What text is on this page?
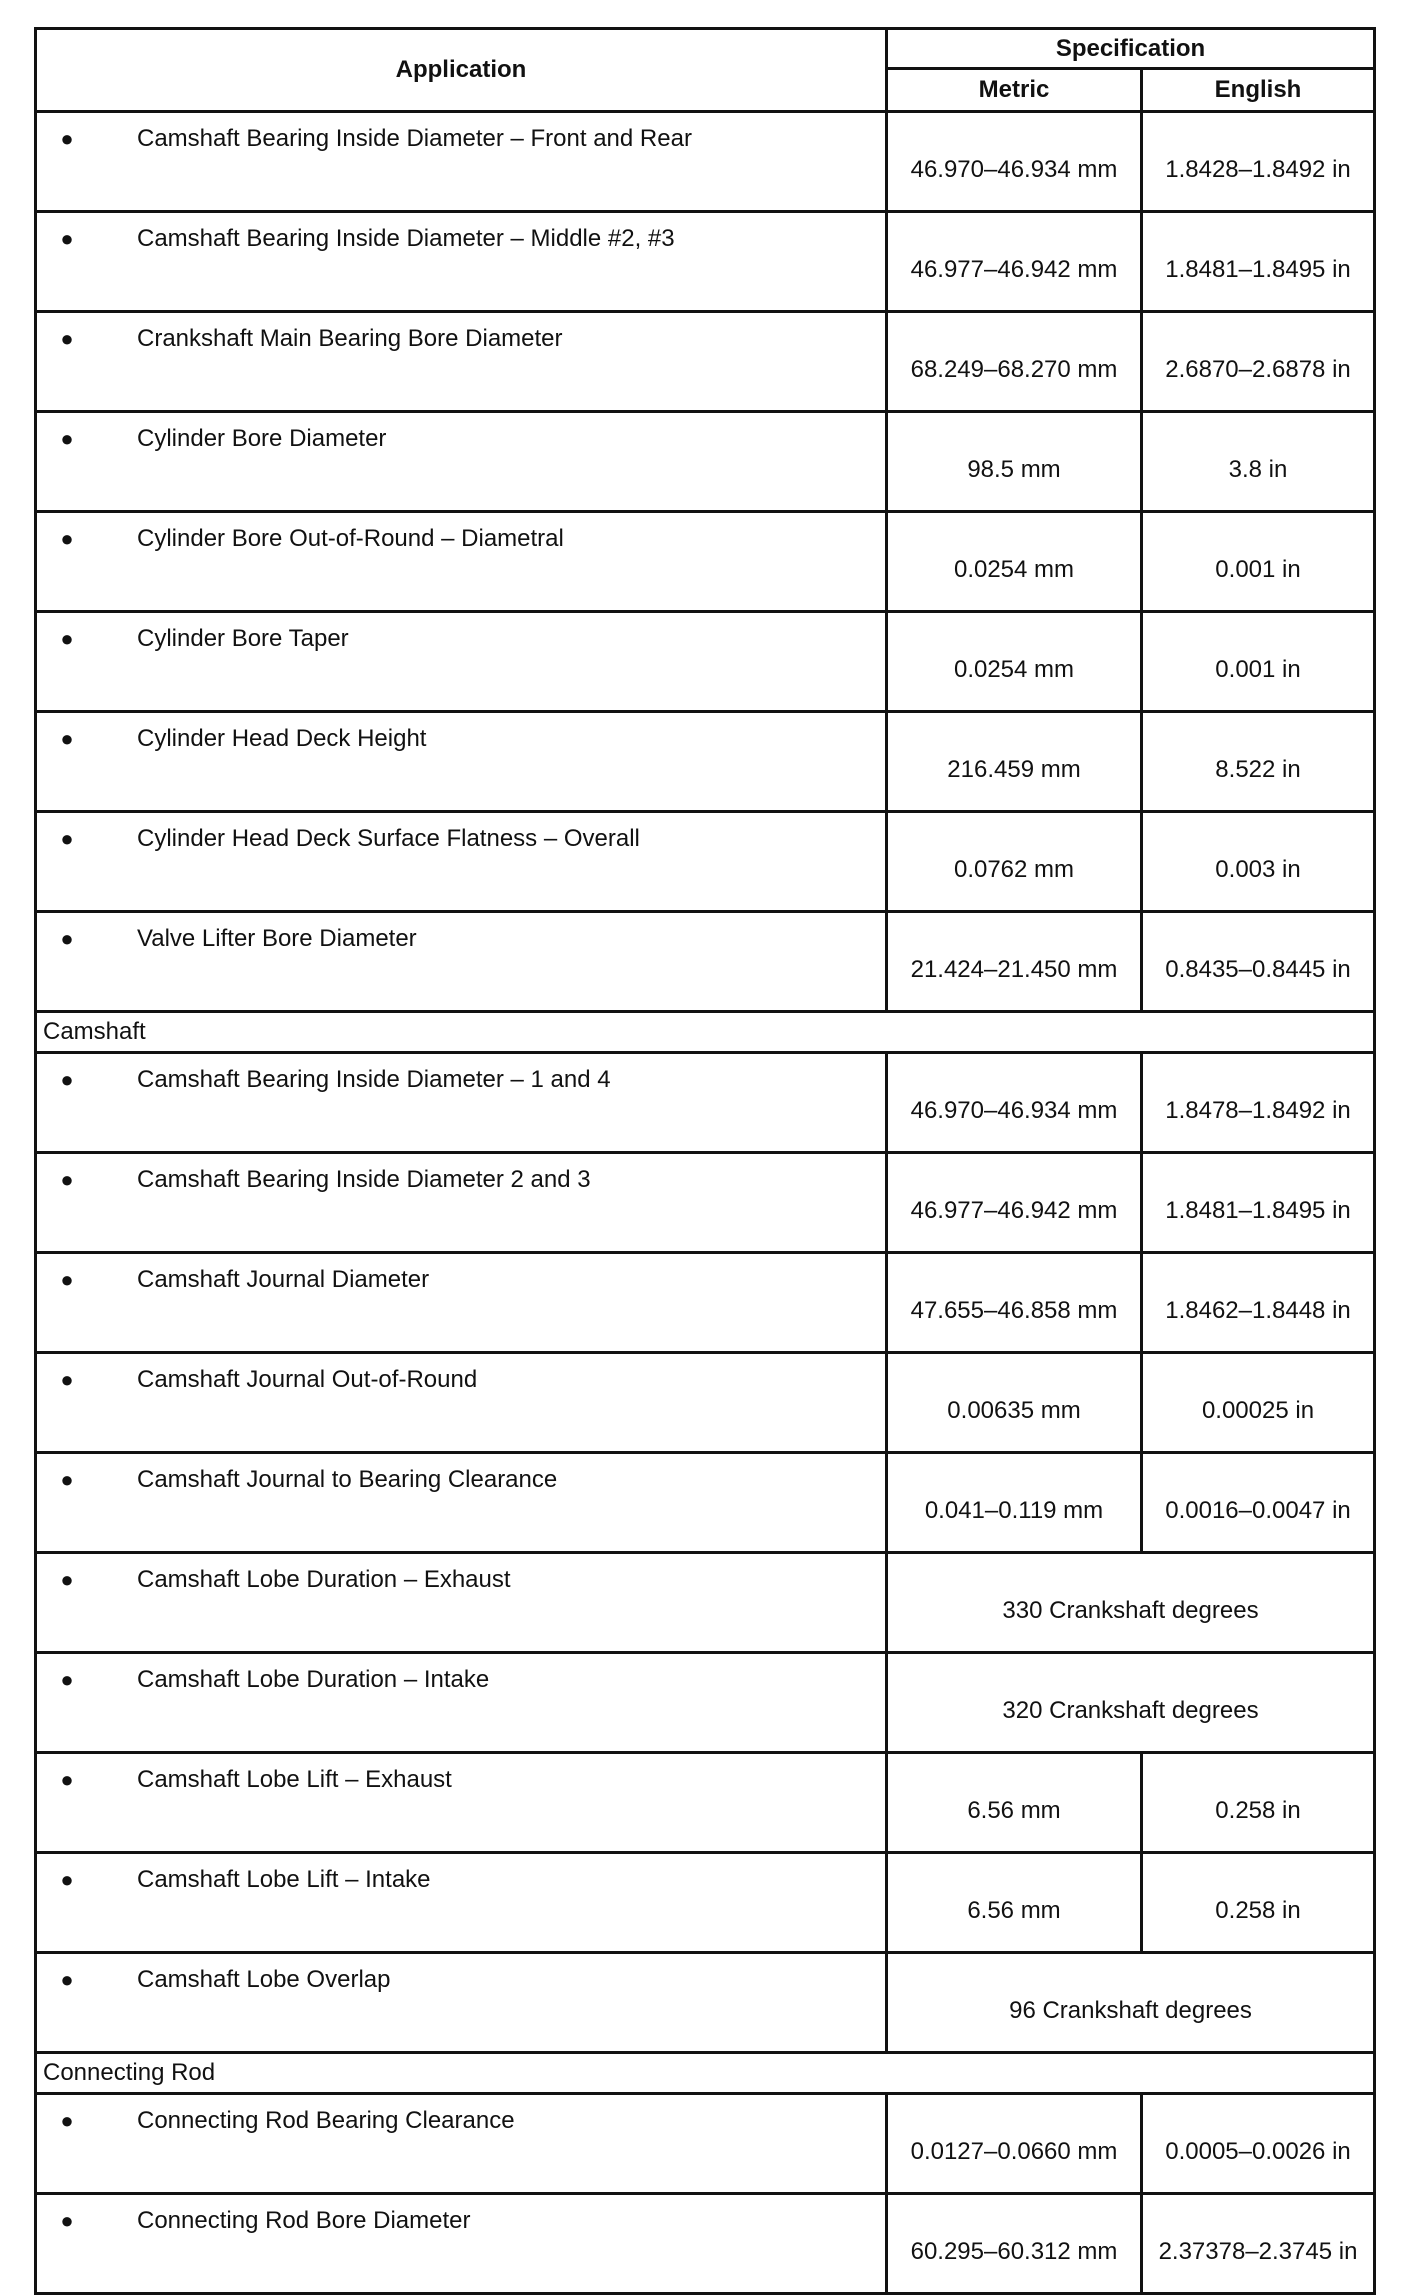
Application	Specification	
	Metric	English
● Camshaft Bearing Inside Diameter – Front and Rear	46.970–46.934 mm	1.8428–1.8492 in
● Camshaft Bearing Inside Diameter – Middle #2, #3	46.977–46.942 mm	1.8481–1.8495 in
● Crankshaft Main Bearing Bore Diameter	68.249–68.270 mm	2.6870–2.6878 in
● Cylinder Bore Diameter	98.5 mm	3.8 in
● Cylinder Bore Out-of-Round – Diametral	0.0254 mm	0.001 in
● Cylinder Bore Taper	0.0254 mm	0.001 in
● Cylinder Head Deck Height	216.459 mm	8.522 in
● Cylinder Head Deck Surface Flatness – Overall	0.0762 mm	0.003 in
● Valve Lifter Bore Diameter	21.424–21.450 mm	0.8435–0.8445 in
Camshaft		
● Camshaft Bearing Inside Diameter – 1 and 4	46.970–46.934 mm	1.8478–1.8492 in
● Camshaft Bearing Inside Diameter 2 and 3	46.977–46.942 mm	1.8481–1.8495 in
● Camshaft Journal Diameter	47.655–46.858 mm	1.8462–1.8448 in
● Camshaft Journal Out-of-Round	0.00635 mm	0.00025 in
● Camshaft Journal to Bearing Clearance	0.041–0.119 mm	0.0016–0.0047 in
● Camshaft Lobe Duration – Exhaust	330 Crankshaft degrees	
● Camshaft Lobe Duration – Intake	320 Crankshaft degrees	
● Camshaft Lobe Lift – Exhaust	6.56 mm	0.258 in
● Camshaft Lobe Lift – Intake	6.56 mm	0.258 in
● Camshaft Lobe Overlap	96 Crankshaft degrees	
Connecting Rod		
● Connecting Rod Bearing Clearance	0.0127–0.0660 mm	0.0005–0.0026 in
● Connecting Rod Bore Diameter	60.295–60.312 mm	2.37378–2.3745 in
